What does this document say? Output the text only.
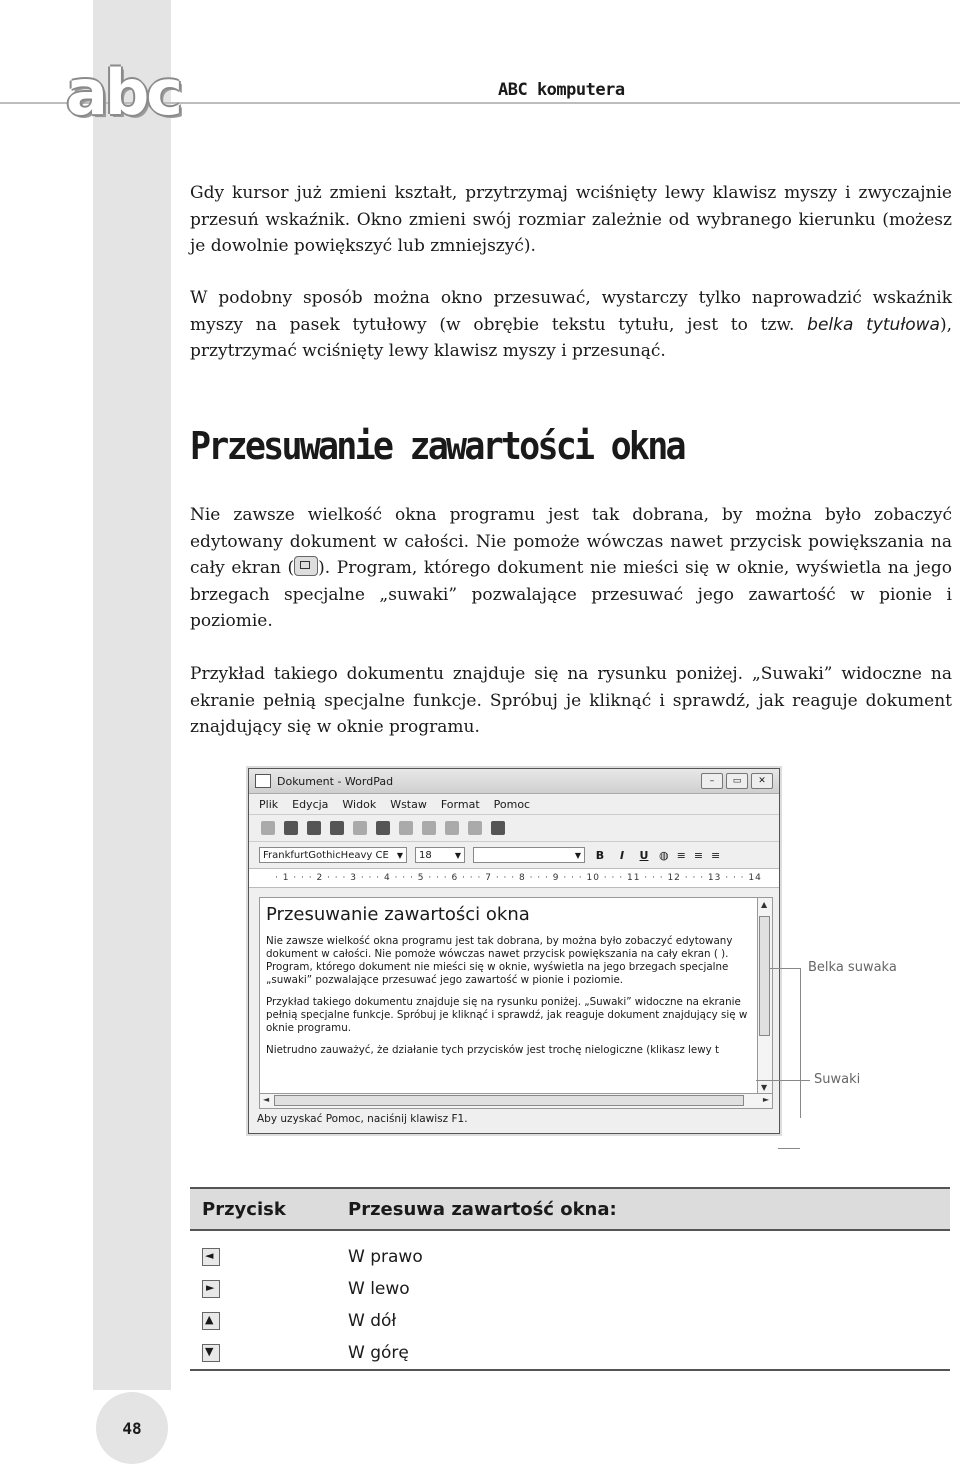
abc	ABC komputera

Gdy kursor już zmieni kształt, przytrzymaj wciśnięty lewy klawisz myszy i zwyczajnie przesuń wskaźnik. Okno zmieni swój rozmiar zależnie od wybranego kierunku (możesz je dowolnie powiększyć lub zmniejszyć).

W podobny sposób można okno przesuwać, wystarczy tylko naprowadzić wskaźnik myszy na pasek tytułowy (w obrębie tekstu tytułu, jest to tzw. belka tytułowa), przytrzymać wciśnięty lewy klawisz myszy i przesunąć.

Przesuwanie zawartości okna

Nie zawsze wielkość okna programu jest tak dobrana, by można było zobaczyć edytowany dokument w całości. Nie pomoże wówczas nawet przycisk powiększania na cały ekran ( ). Program, którego dokument nie mieści się w oknie, wyświetla na jego brzegach specjalne „suwaki” pozwalające przesuwać jego zawartość w pionie i poziomie.

Przykład takiego dokumentu znajduje się na rysunku poniżej. „Suwaki” widoczne na ekranie pełnią specjalne funkcje. Spróbuj je kliknąć i sprawdź, jak reaguje dokument znajdujący się w oknie programu.

Dokument - WordPad	–	▭	✕
Plik Edycja Widok Wstaw Format Pomoc
FrankfurtGothicHeavy CE ▼	18	▼	▼ B	I	U ◍ ≡ ≡ ≡
· 1 · · · 2 · · · 3 · · · 4 · · · 5 · · · 6 · · · 7 · · · 8 · · · 9 · · · 10 · · · 11 · · · 12 · · · 13 · · · 14
Przesuwanie zawartości okna

Nie zawsze wielkość okna programu jest tak dobrana, by można było zobaczyć edytowany dokument w całości. Nie pomoże wówczas nawet przycisk powiększania na cały ekran ( ). Program, którego dokument nie mieści się w oknie, wyświetla na jego brzegach specjalne „suwaki” pozwalające przesuwać jego zawartość w pionie i poziomie.

Przykład takiego dokumentu znajduje się na rysunku poniżej. „Suwaki” widoczne na ekranie pełnią specjalne funkcje. Spróbuj je kliknąć i sprawdź, jak reaguje dokument znajdujący się w oknie programu.

Nietrudno zauważyć, że działanie tych przycisków jest trochę nielogiczne (klikasz lewy t

▲
▼
◄	►
Aby uzyskać Pomoc, naciśnij klawisz F1.
Belka suwaka
Suwaki
Przycisk	Przesuwa zawartość okna:

◄	W prawo

►	W lewo

▲	W dół

▼	W górę
48
